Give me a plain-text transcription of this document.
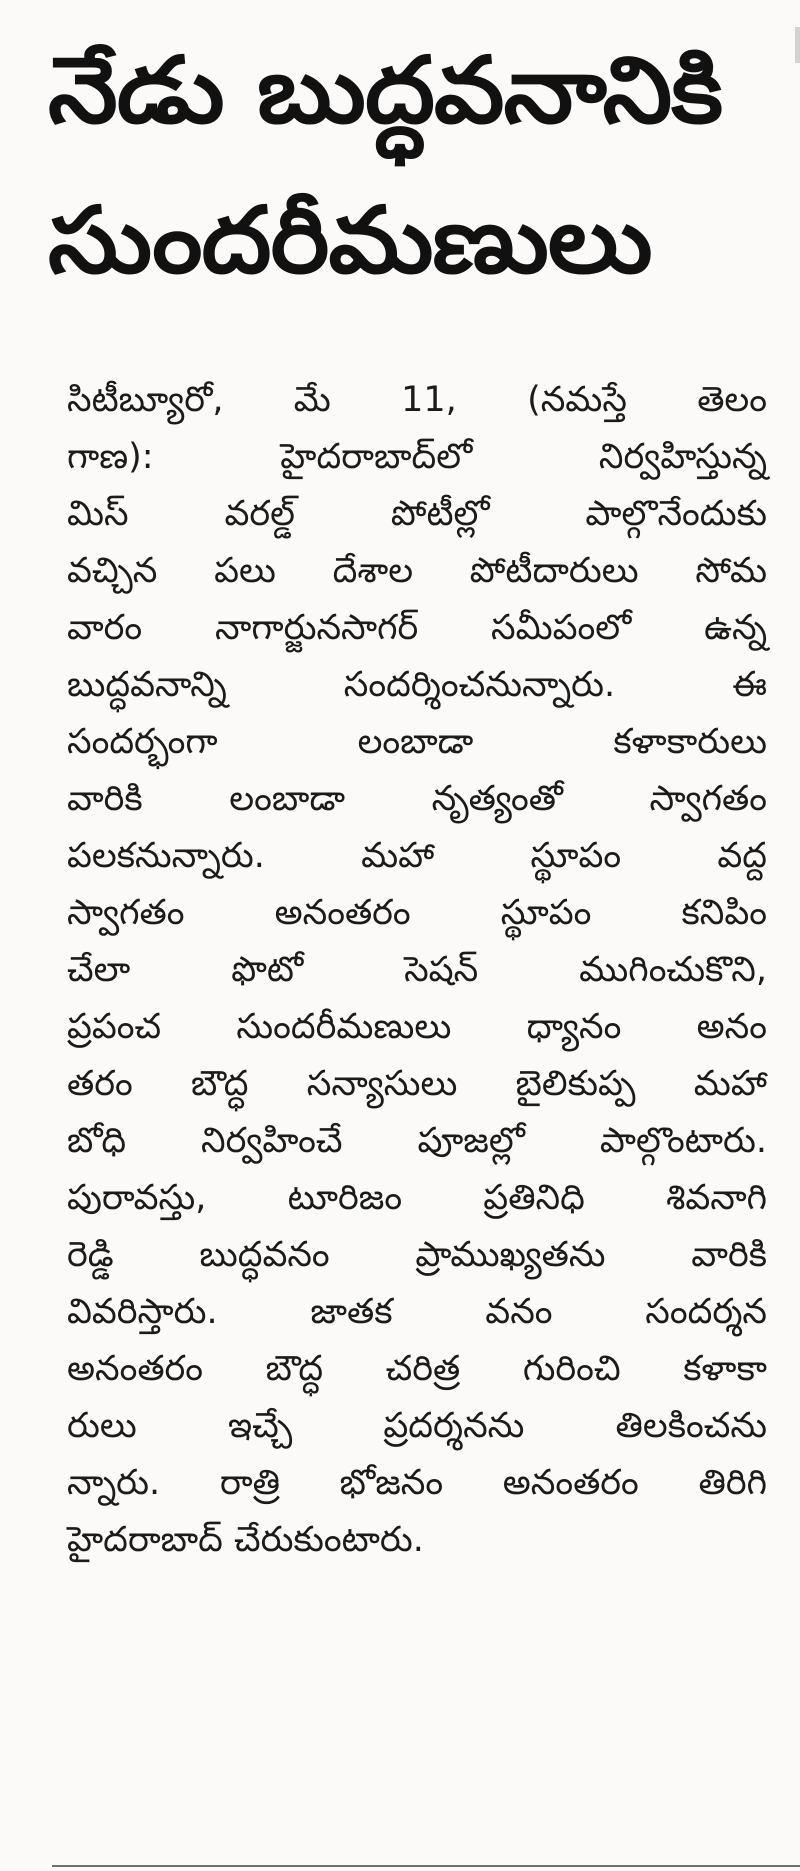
నేడు బుద్ధవనానికి
సుందరీమణులు
సిటీబ్యూరో, మే 11, (నమస్తే తెలం
గాణ): హైదరాబాద్‌లో నిర్వహిస్తున్న
మిస్ వరల్డ్ పోటీల్లో పాల్గొనేందుకు
వచ్చిన పలు దేశాల పోటీదారులు సోమ
వారం నాగార్జునసాగర్ సమీపంలో ఉన్న
బుద్ధవనాన్ని సందర్శించనున్నారు. ఈ
సందర్భంగా లంబాడా కళాకారులు
వారికి లంబాడా నృత్యంతో స్వాగతం
పలకనున్నారు. మహా స్థూపం వద్ద
స్వాగతం అనంతరం స్థూపం కనిపిం
చేలా ఫొటో సెషన్ ముగించుకొని,
ప్రపంచ సుందరీమణులు ధ్యానం అనం
తరం బౌద్ధ సన్యాసులు బైలికుప్ప మహా
బోధి నిర్వహించే పూజల్లో పాల్గొంటారు.
పురావస్తు, టూరిజం ప్రతినిధి శివనాగి
రెడ్డి బుద్ధవనం ప్రాముఖ్యతను వారికి
వివరిస్తారు. జాతక వనం సందర్శన
అనంతరం బౌద్ధ చరిత్ర గురించి కళాకా
రులు ఇచ్చే ప్రదర్శనను తిలకించను
న్నారు. రాత్రి భోజనం అనంతరం తిరిగి
హైదరాబాద్ చేరుకుంటారు.
